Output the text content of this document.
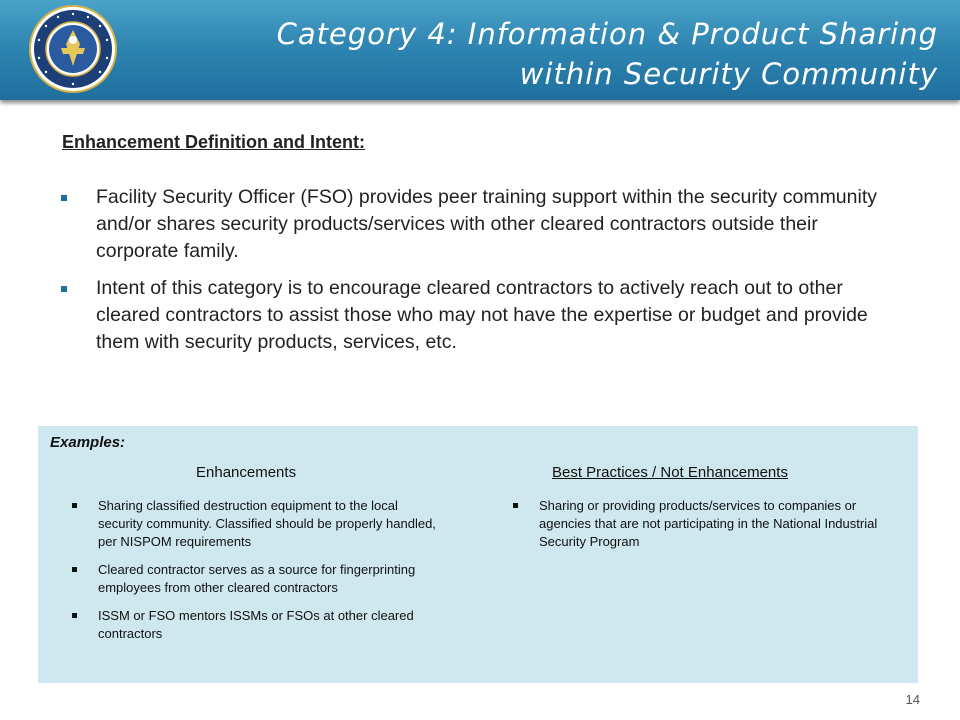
Category 4: Information & Product Sharing
within Security Community
Enhancement Definition and Intent:
Facility Security Officer (FSO) provides peer training support within the security community and/or shares security products/services with other cleared contractors outside their corporate family.
Intent of this category is to encourage cleared contractors to actively reach out to other cleared contractors to assist those who may not have the expertise or budget and provide them with security products, services, etc.
Examples:
Enhancements	Best Practices / Not Enhancements
Sharing classified destruction equipment to the local security community. Classified should be properly handled, per NISPOM requirements
Cleared contractor serves as a source for fingerprinting employees from other cleared contractors
ISSM or FSO mentors ISSMs or FSOs at other cleared contractors
Sharing or providing products/services to companies or agencies that are not participating in the National Industrial Security Program
14
